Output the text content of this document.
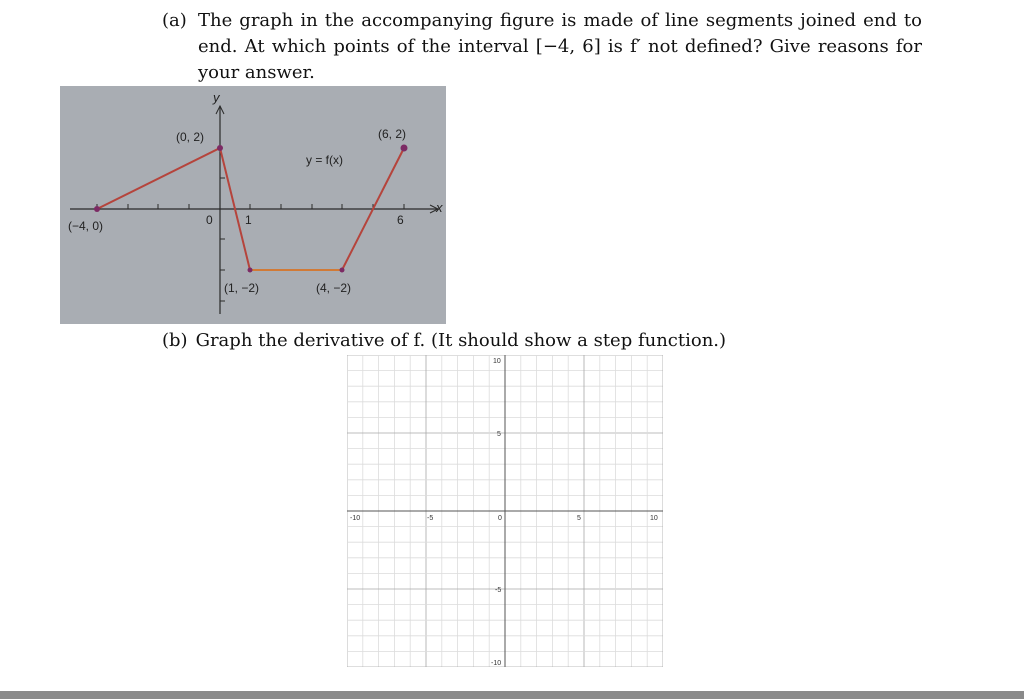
(a) The graph in the accompanying figure is made of line segments joined end to end. At which points of the interval [−4, 6] is f′ not defined? Give reasons for your answer.
y
x
y = f(x)
(−4, 0)
(0, 2)	(6, 2)
(1, −2)	(4, −2)
0	1	6
(b) Graph the derivative of f. (It should show a step function.)
-10	-5	0	5	10
10
5
-5
-10
